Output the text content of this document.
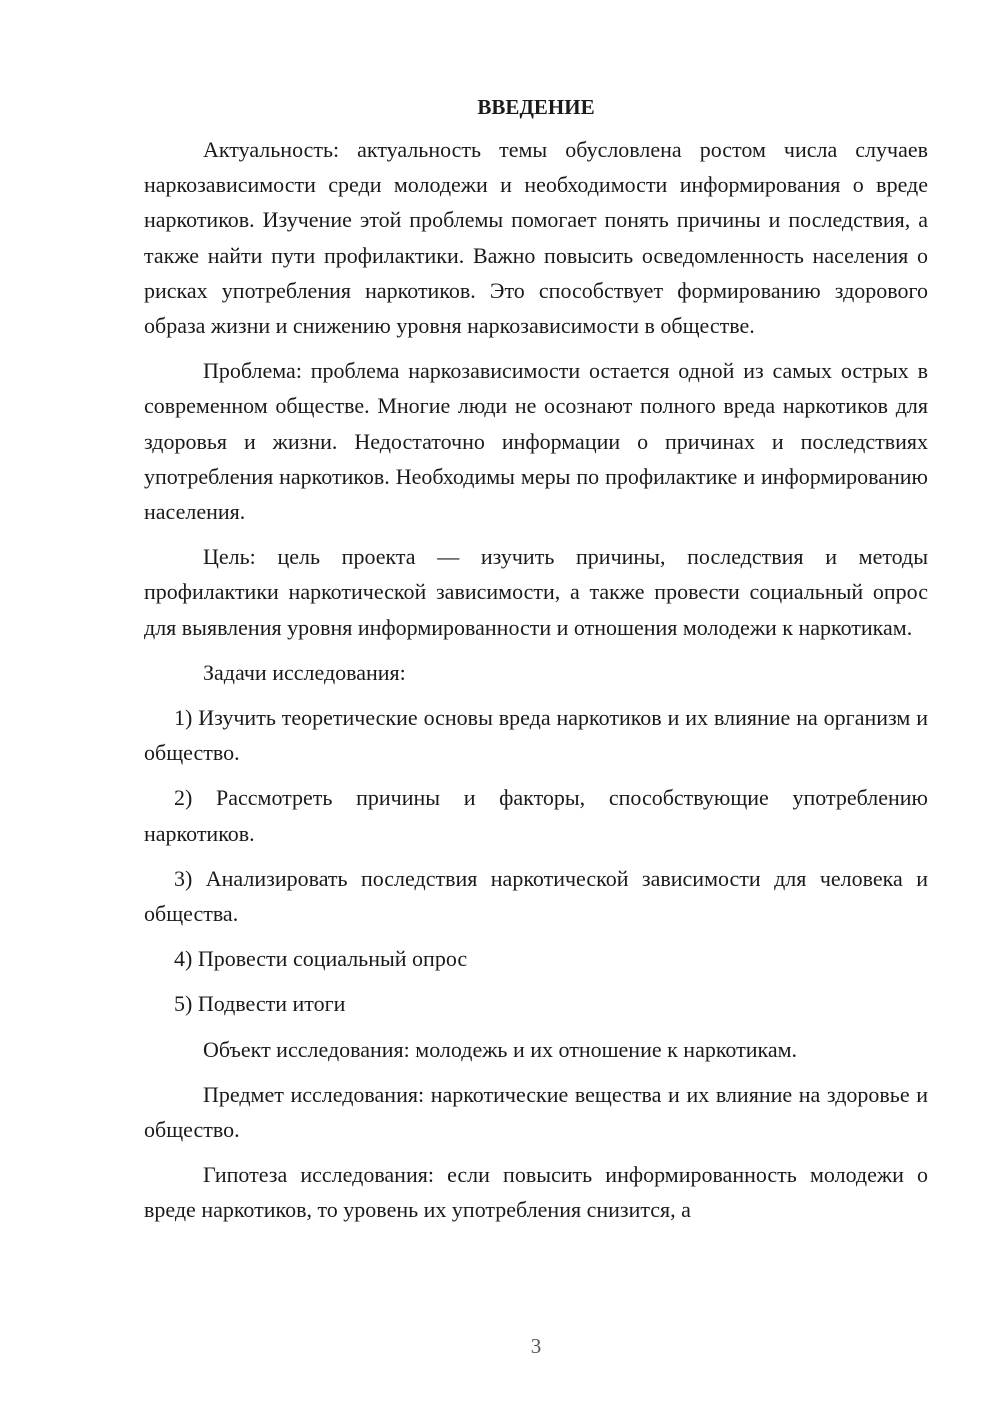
ВВЕДЕНИЕ

Актуальность: актуальность темы обусловлена ростом числа случаев наркозависимости среди молодежи и необходимости информирования о вреде наркотиков. Изучение этой проблемы помогает понять причины и последствия, а также найти пути профилактики. Важно повысить осведомленность населения о рисках употребления наркотиков. Это способствует формированию здорового образа жизни и снижению уровня наркозависимости в обществе.

Проблема: проблема наркозависимости остается одной из самых острых в современном обществе. Многие люди не осознают полного вреда наркотиков для здоровья и жизни. Недостаточно информации о причинах и последствиях употребления наркотиков. Необходимы меры по профилактике и информированию населения.

Цель: цель проекта — изучить причины, последствия и методы профилактики наркотической зависимости, а также провести социальный опрос для выявления уровня информированности и отношения молодежи к наркотикам.

Задачи исследования:

1) Изучить теоретические основы вреда наркотиков и их влияние на организм и общество.

2) Рассмотреть причины и факторы, способствующие употреблению наркотиков.

3) Анализировать последствия наркотической зависимости для человека и общества.

4) Провести социальный опрос

5) Подвести итоги

Объект исследования: молодежь и их отношение к наркотикам.

Предмет исследования: наркотические вещества и их влияние на здоровье и общество.

Гипотеза исследования: если повысить информированность молодежи о вреде наркотиков, то уровень их употребления снизится, а

3
